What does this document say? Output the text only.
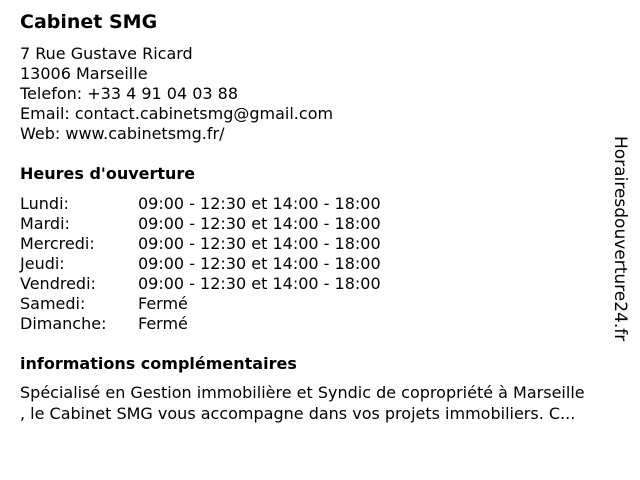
Cabinet SMG
7 Rue Gustave Ricard
13006 Marseille
Telefon: +33 4 91 04 03 88
Email: contact.cabinetsmg@gmail.com
Web: www.cabinetsmg.fr/
Heures d'ouverture
Lundi:	09:00 - 12:30 et 14:00 - 18:00
Mardi:	09:00 - 12:30 et 14:00 - 18:00
Mercredi:	09:00 - 12:30 et 14:00 - 18:00
Jeudi:	09:00 - 12:30 et 14:00 - 18:00
Vendredi:	09:00 - 12:30 et 14:00 - 18:00
Samedi:	Fermé
Dimanche: Fermé
informations complémentaires
Spécialisé en Gestion immobilière et Syndic de copropriété à Marseille
, le Cabinet SMG vous accompagne dans vos projets immobiliers. C...
Horairesdouverture24.fr
